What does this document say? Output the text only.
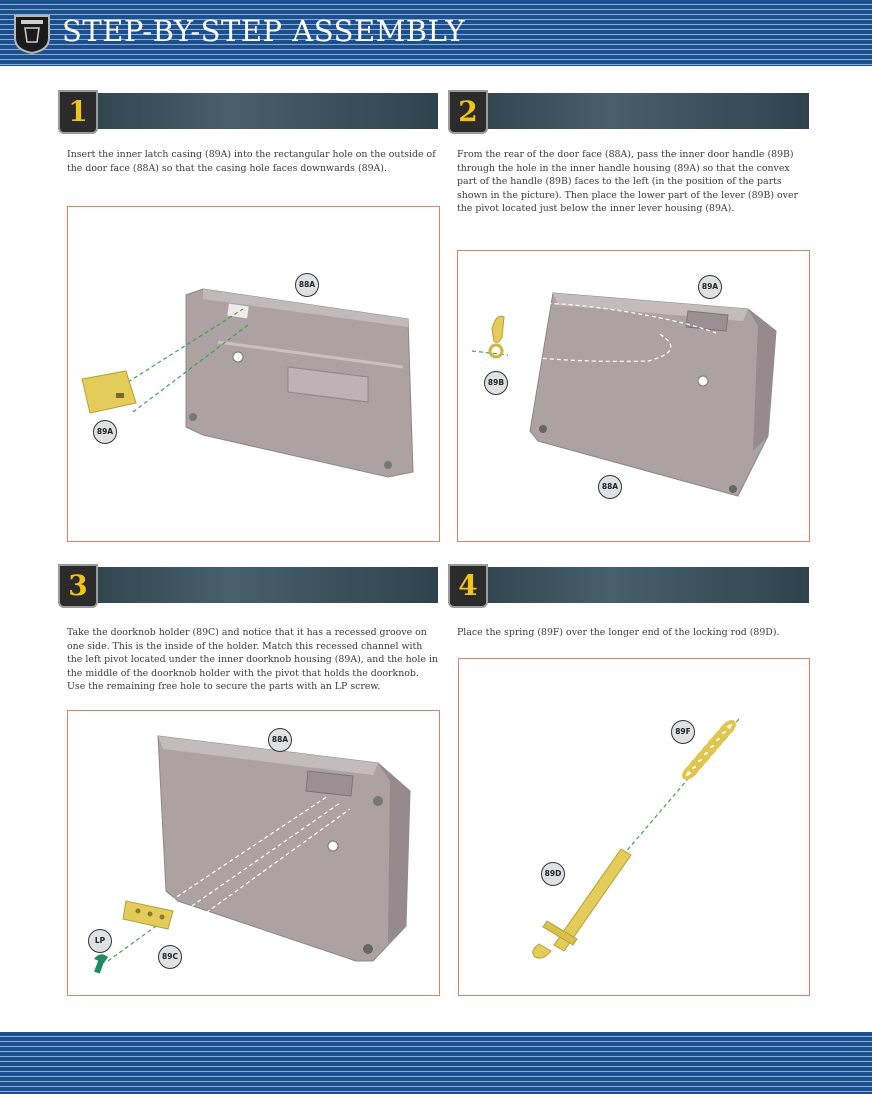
STEP-BY-STEP ASSEMBLY
1
Insert the inner latch casing (89A) into the rectangular hole on the outside of the door face (88A) so that the casing hole faces downwards (89A).
88A
89A
2
From the rear of the door face (88A), pass the inner door handle (89B) through the hole in the inner handle housing (89A) so that the convex part of the handle (89B) faces to the left (in the position of the parts shown in the picture). Then place the lower part of the lever (89B) over the pivot located just below the inner lever housing (89A).
89A
89B
88A
3
Take the doorknob holder (89C) and notice that it has a recessed groove on one side. This is the inside of the holder. Match this recessed channel with the left pivot located under the inner doorknob housing (89A), and the hole in the middle of the doorknob holder with the pivot that holds the doorknob. Use the remaining free hole to secure the parts with an LP screw.
88A
LP
89C
4
Place the spring (89F) over the longer end of the locking rod (89D).
89F
89D
